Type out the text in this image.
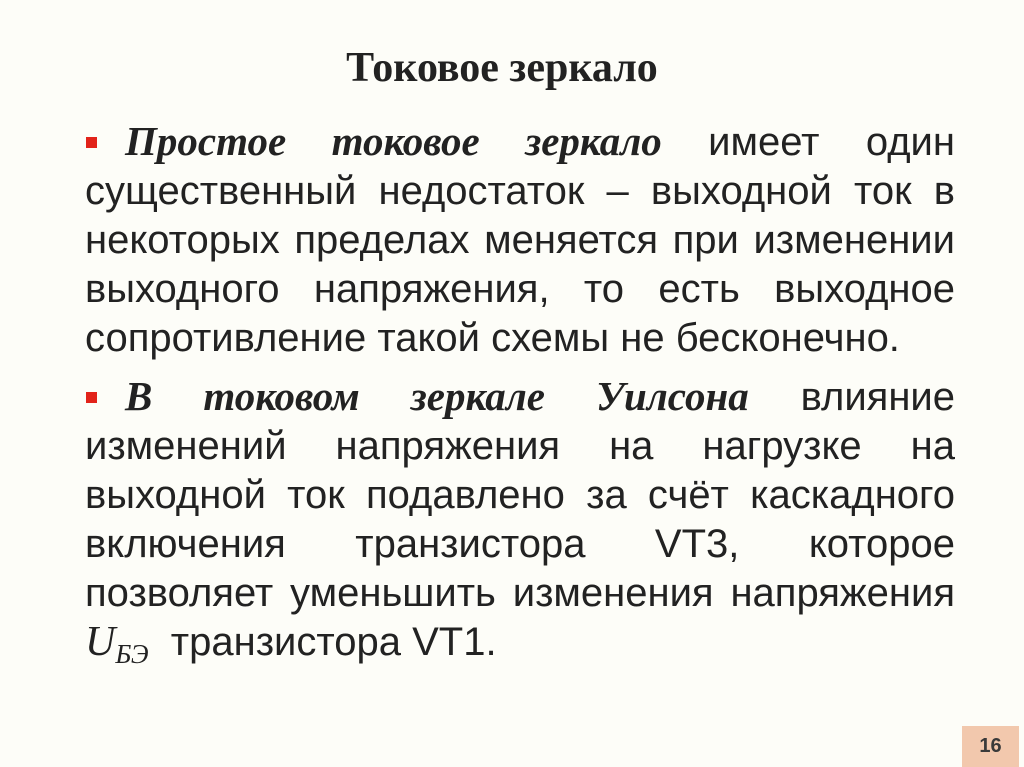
Токовое зеркало

Простое токовое зеркало имеет один существенный недостаток – выходной ток в некоторых пределах меняется при изменении выходного напряжения, то есть выходное сопротивление такой схемы не бесконечно.

В токовом зеркале Уилсона влияние изменений напряжения на нагрузке на выходной ток подавлено за счёт каскадного включения транзистора VT3, которое позволяет уменьшить изменения напряжения $U_{БЭ}$  транзистора VT1.

16
